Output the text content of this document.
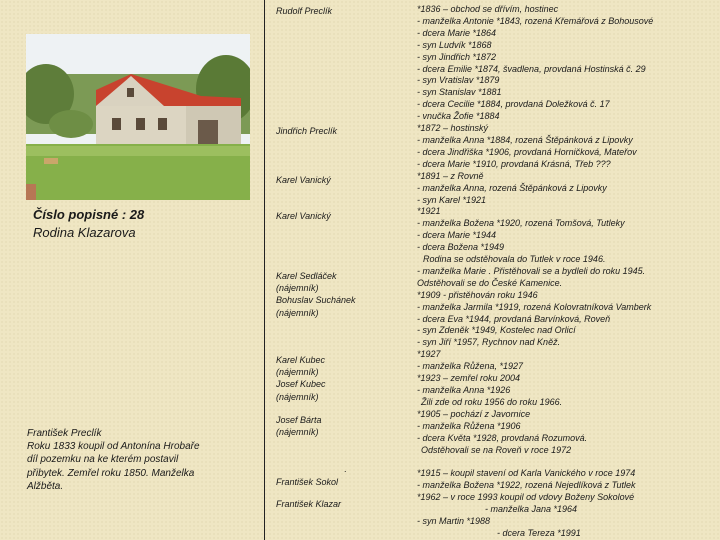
Číslo popisné : 28
Rodina Klazarova
František Preclík
Roku 1833 koupil od Antonína Hrobaře
díl pozemku na ke kterém postavil
přibytek. Zemřel roku 1850. Manželka
Alžběta.
Rudolf Preclík
Jindřich Preclík
Karel Vanický
Karel Vanický
Karel Sedláček
(nájemník)
Bohuslav Suchánek
(nájemník)
Karel Kubec
(nájemník)
Josef Kubec
(nájemník)
Josef Bárta
(nájemník)
.
František Sokol
František Klazar
*1836 – obchod se dřívím, hostinec
- manželka Antonie *1843, rozená Křemářová z Bohousové
- dcera Marie *1864
- syn Ludvík *1868
- syn Jindřich *1872
- dcera Emilie *1874, švadlena, provdaná Hostinská č. 29
- syn Vratislav *1879
- syn Stanislav *1881
- dcera Cecilie *1884, provdaná Doležková č. 17
- vnučka Žofie *1884
*1872 – hostinský
- manželka Anna *1884, rozená Štěpánková z Lipovky
- dcera Jindřiška *1906, provdaná Horničková, Mateřov
- dcera Marie *1910, provdaná Krásná, Třeb ???
*1891 – z Rovně
- manželka Anna, rozená Štěpánková z Lipovky
- syn Karel *1921
*1921
- manželka Božena *1920, rozená Tomšová, Tutleky
- dcera Marie *1944
- dcera Božena *1949
Rodina se odstěhovala do Tutlek v roce 1946.
- manželka Marie . Přistěhovali se a bydleli do roku 1945.
Odstěhovali se do České Kamenice.
*1909 - přistěhován roku 1946
- manželka Jarmila *1919, rozená Kolovratníková Vamberk
- dcera Eva *1944, provdaná Barvínková, Roveň
- syn Zdeněk *1949, Kostelec nad Orlicí
- syn Jiří *1957, Rychnov nad Kněž.
*1927
- manželka Růžena, *1927
*1923 – zemřel roku 2004
- manželka Anna *1926
Žili zde od roku 1956 do roku 1966.
*1905 – pochází z Javornice
- manželka Růžena *1906
- dcera Květa *1928, provdaná Rozumová.
Odstěhovali se na Roveň v roce 1972
*1915 – koupil stavení od Karla Vanického v roce 1974
- manželka Božena *1922, rozená Nejedlíková z Tutlek
*1962 – v roce 1993 koupil od vdovy Boženy Sokolové
- manželka Jana *1964
- syn Martin *1988
- dcera Tereza *1991
